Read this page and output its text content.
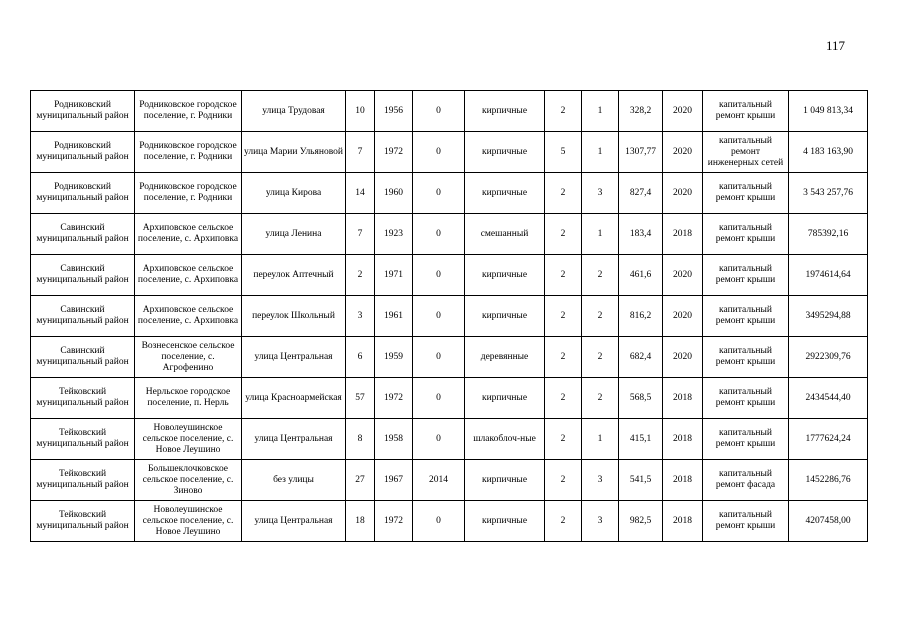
117
Родниковский муниципальный район	Родниковское городское поселение, г. Родники	улица Трудовая	10	1956	0	кирпичные	2	1	328,2	2020	капитальный ремонт крыши	1 049 813,34
Родниковский муниципальный район	Родниковское городское поселение, г. Родники	улица Марии Ульяновой	7	1972	0	кирпичные	5	1	1307,77	2020	капитальный ремонт инженерных сетей	4 183 163,90
Родниковский муниципальный район	Родниковское городское поселение, г. Родники	улица Кирова	14	1960	0	кирпичные	2	3	827,4	2020	капитальный ремонт крыши	3 543 257,76
Савинский муниципальный район	Архиповское сельское поселение, с. Архиповка	улица Ленина	7	1923	0	смешанный	2	1	183,4	2018	капитальный ремонт крыши	785392,16
Савинский муниципальный район	Архиповское сельское поселение, с. Архиповка	переулок Аптечный	2	1971	0	кирпичные	2	2	461,6	2020	капитальный ремонт крыши	1974614,64
Савинский муниципальный район	Архиповское сельское поселение, с. Архиповка	переулок Школьный	3	1961	0	кирпичные	2	2	816,2	2020	капитальный ремонт крыши	3495294,88
Савинский муниципальный район	Вознесенское сельское поселение, с. Агрофенино	улица Центральная	6	1959	0	деревянные	2	2	682,4	2020	капитальный ремонт крыши	2922309,76
Тейковский муниципальный район	Нерльское городское поселение, п. Нерль	улица Красноармейская	57	1972	0	кирпичные	2	2	568,5	2018	капитальный ремонт крыши	2434544,40
Тейковский муниципальный район	Новолеушинское сельское поселение, с. Новое Леушино	улица Центральная	8	1958	0	шлакоблоч-ные	2	1	415,1	2018	капитальный ремонт крыши	1777624,24
Тейковский муниципальный район	Большеклочковское сельское поселение, с. Зиново	без улицы	27	1967	2014	кирпичные	2	3	541,5	2018	капитальный ремонт фасада	1452286,76
Тейковский муниципальный район	Новолеушинское сельское поселение, с. Новое Леушино	улица Центральная	18	1972	0	кирпичные	2	3	982,5	2018	капитальный ремонт крыши	4207458,00
